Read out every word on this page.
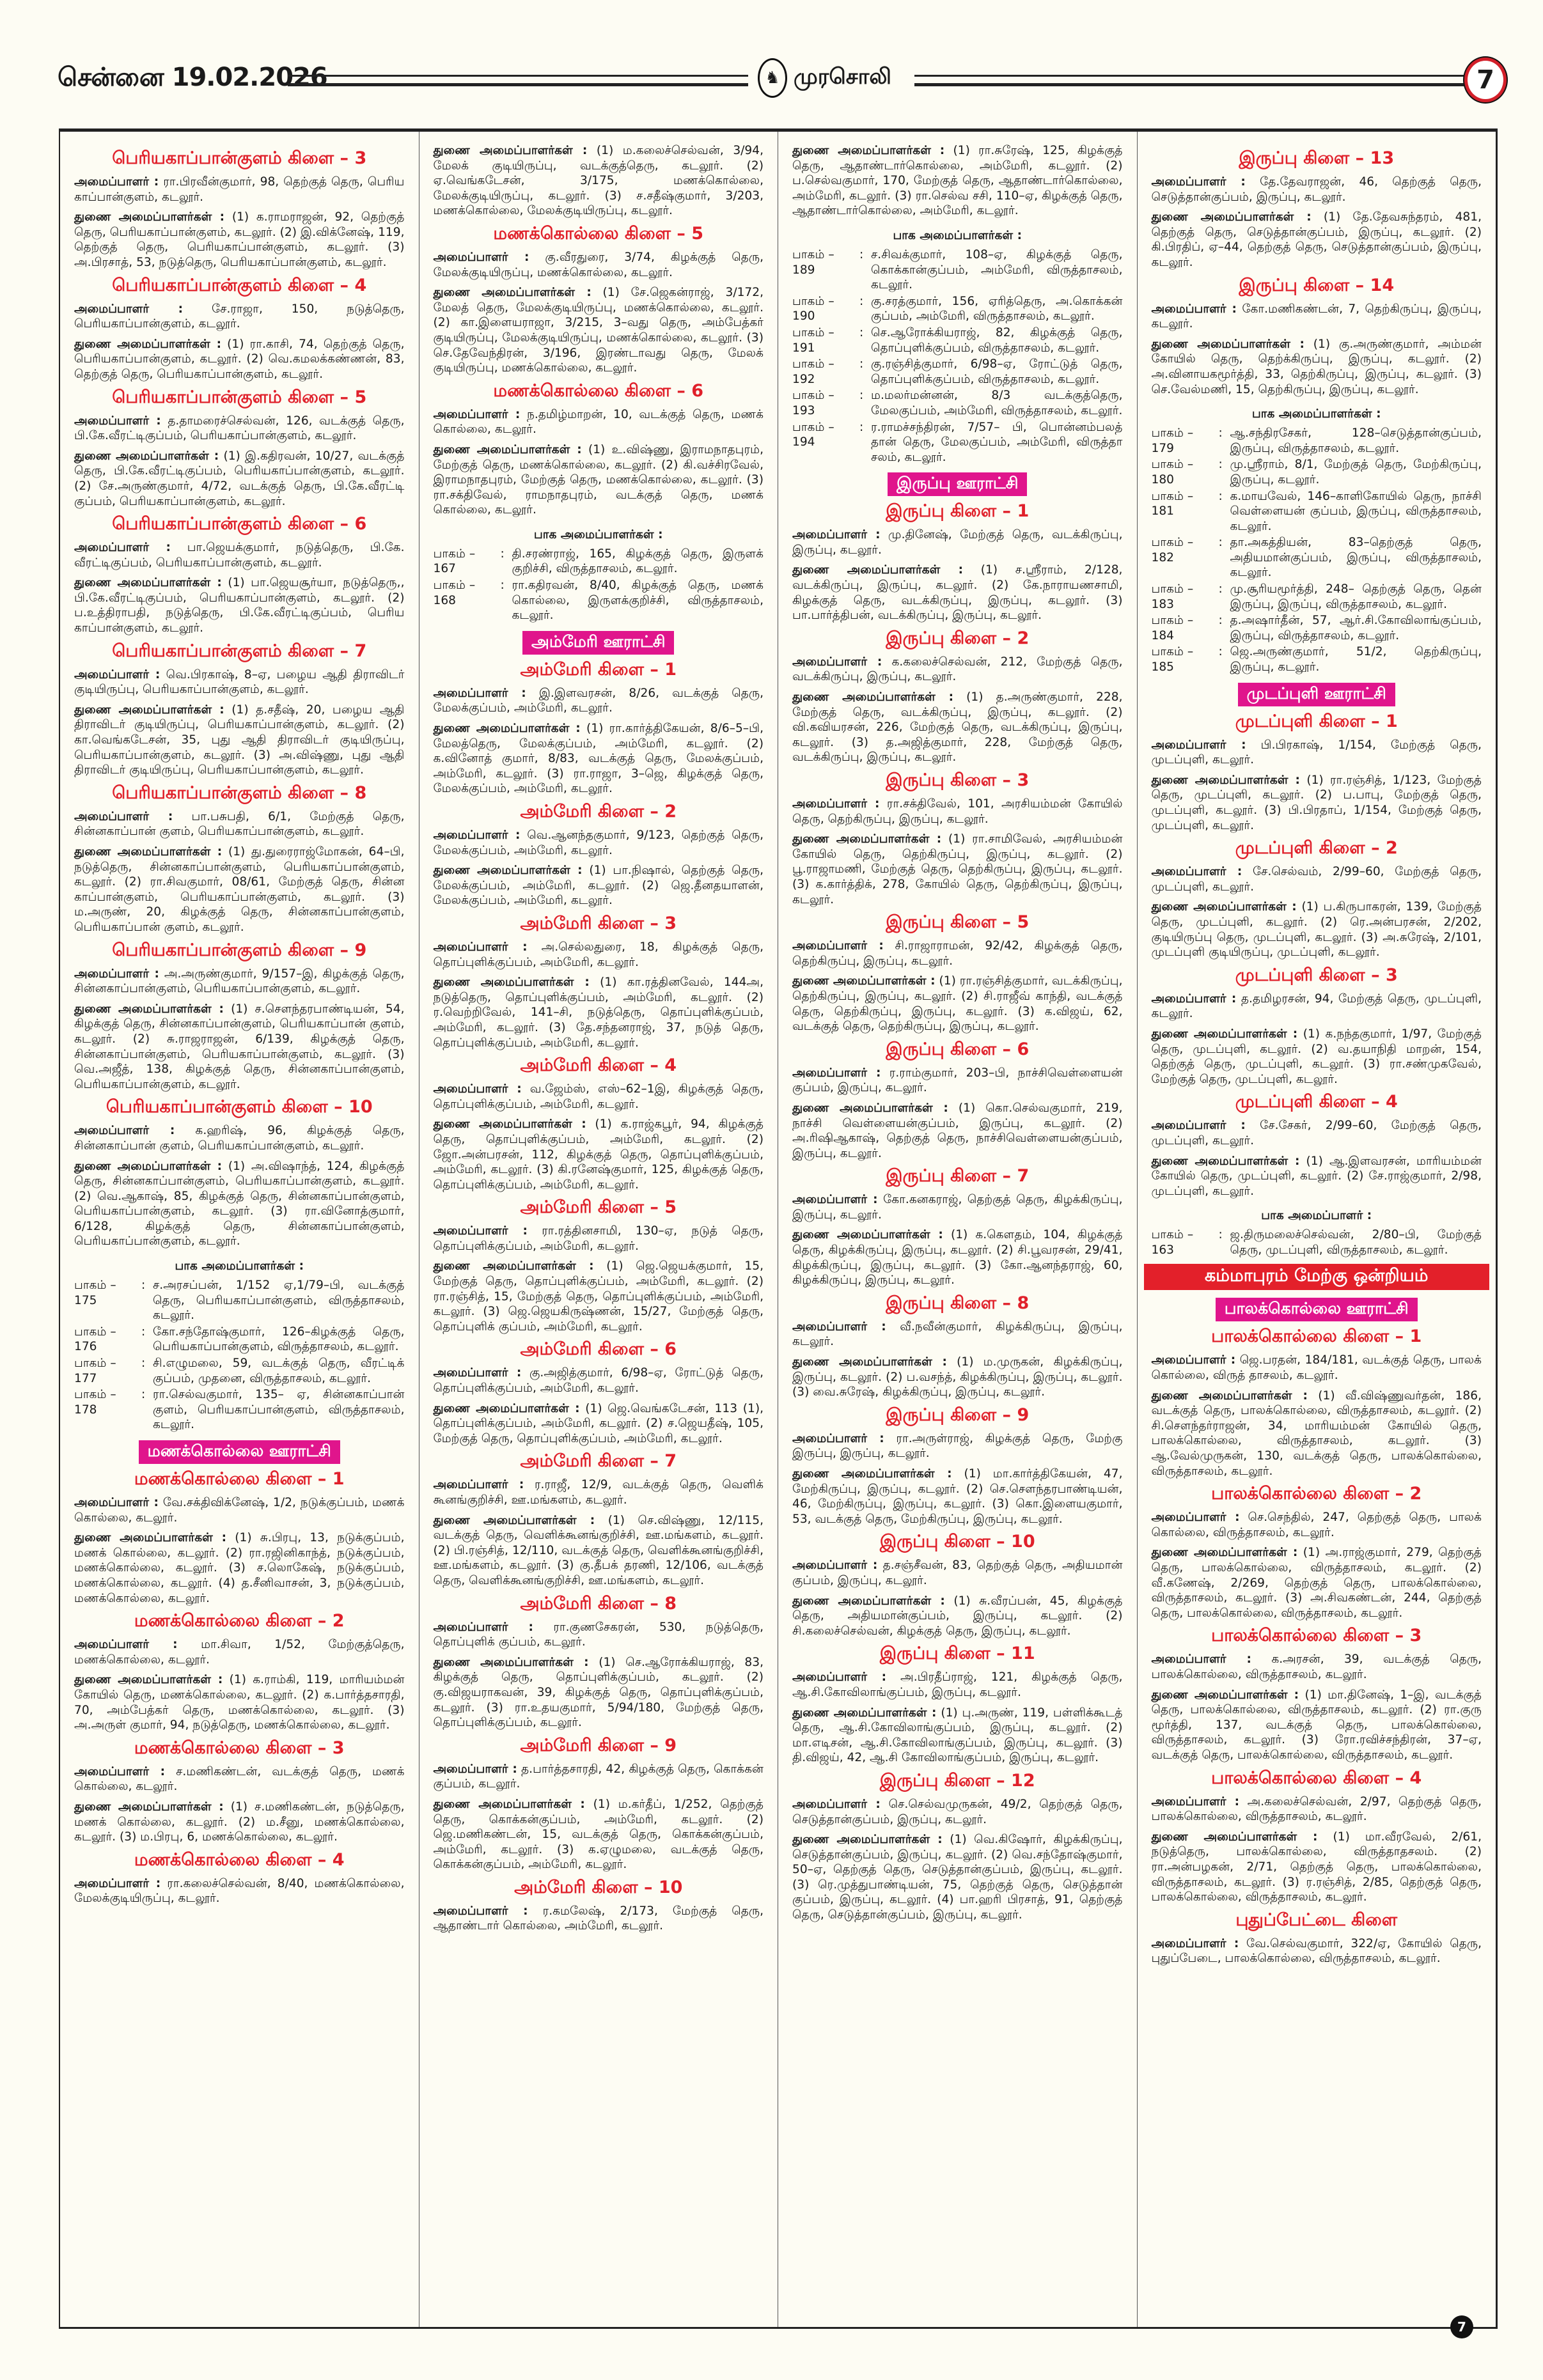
சென்னை 19.02.2026	♞ முரசொலி	7
பெரியகாப்பான்குளம் கிளை – 3

அமைப்பாளர் : ரா.பிரவீன்குமார், 98, தெற்குத் தெரு, பெரிய காப்பான்குளம், கடலூர்.

துணை அமைப்பாளர்கள் : (1) க.ராமராஜன், 92, தெற்குத் தெரு, பெரியகாப்பான்குளம், கடலூர். (2) இ.விக்னேஷ், 119, தெற்குத் தெரு, பெரியகாப்பான்குளம், கடலூர். (3) அ.பிரசாத், 53, நடுத்தெரு, பெரியகாப்பான்குளம், கடலூர்.

பெரியகாப்பான்குளம் கிளை – 4

அமைப்பாளர் : சே.ராஜா, 150, நடுத்தெரு, பெரியகாப்பான்குளம், கடலூர்.

துணை அமைப்பாளர்கள் : (1) ரா.காசி, 74, தெற்குத் தெரு, பெரியகாப்பான்குளம், கடலூர். (2) வெ.கமலக்கண்ணன், 83, தெற்குத் தெரு, பெரியகாப்பான்குளம், கடலூர்.

பெரியகாப்பான்குளம் கிளை – 5

அமைப்பாளர் : த.தாமரைச்செல்வன், 126, வடக்குத் தெரு, பி.கே.வீரட்டிகுப்பம், பெரியகாப்பான்குளம், கடலூர்.

துணை அமைப்பாளர்கள் : (1) இ.கதிரவன், 10/27, வடக்குத் தெரு, பி.கே.வீரட்டிகுப்பம், பெரியகாப்பான்குளம், கடலூர். (2) சே.அருண்குமார், 4/72, வடக்குத் தெரு, பி.கே.வீரட்டி குப்பம், பெரியகாப்பான்குளம், கடலூர்.

பெரியகாப்பான்குளம் கிளை – 6

அமைப்பாளர் : பா.ஜெயக்குமார், நடுத்தெரு, பி.கே. வீரட்டிகுப்பம், பெரியகாப்பான்குளம், கடலூர்.

துணை அமைப்பாளர்கள் : (1) பா.ஜெயசூர்யா, நடுத்தெரு,, பி.கே.வீரட்டிகுப்பம், பெரியகாப்பான்குளம், கடலூர். (2) ப.உத்திராபதி, நடுத்தெரு, பி.கே.வீரட்டிகுப்பம், பெரிய காப்பான்குளம், கடலூர்.

பெரியகாப்பான்குளம் கிளை – 7

அமைப்பாளர் : வெ.பிரகாஷ், 8–ஏ, பழைய ஆதி திராவிடர் குடியிருப்பு, பெரியகாப்பான்குளம், கடலூர்.

துணை அமைப்பாளர்கள் : (1) த.சதீஷ், 20, பழைய ஆதி திராவிடர் குடியிருப்பு, பெரியகாப்பான்குளம், கடலூர். (2) கா.வெங்கடேசன், 35, புது ஆதி திராவிடர் குடியிருப்பு, பெரியகாப்பான்குளம், கடலூர். (3) அ.விஷ்ணு, புது ஆதி திராவிடர் குடியிருப்பு, பெரியகாப்பான்குளம், கடலூர்.

பெரியகாப்பான்குளம் கிளை – 8

அமைப்பாளர் : பா.பசுபதி, 6/1, மேற்குத் தெரு, சின்னகாப்பான் குளம், பெரியகாப்பான்குளம், கடலூர்.

துணை அமைப்பாளர்கள் : (1) து.துரைராஜ்மோகன், 64–பி, நடுத்தெரு, சின்னகாப்பான்குளம், பெரியகாப்பான்குளம், கடலூர். (2) ரா.சிவகுமார், 08/61, மேற்குத் தெரு, சின்ன காப்பான்குளம், பெரியகாப்பான்குளம், கடலூர். (3) ம.அருண், 20, கிழக்குத் தெரு, சின்னகாப்பான்குளம், பெரியகாப்பான் குளம், கடலூர்.

பெரியகாப்பான்குளம் கிளை – 9

அமைப்பாளர் : அ.அருண்குமார், 9/157–இ, கிழக்குத் தெரு, சின்னகாப்பான்குளம், பெரியகாப்பான்குளம், கடலூர்.

துணை அமைப்பாளர்கள் : (1) ச.சௌந்தரபாண்டியன், 54, கிழக்குத் தெரு, சின்னகாப்பான்குளம், பெரியகாப்பான் குளம், கடலூர். (2) சு.ராஜராஜன், 6/139, கிழக்குத் தெரு, சின்னகாப்பான்குளம், பெரியகாப்பான்குளம், கடலூர். (3) வெ.அஜீத், 138, கிழக்குத் தெரு, சின்னகாப்பான்குளம், பெரியகாப்பான்குளம், கடலூர்.

பெரியகாப்பான்குளம் கிளை – 10

அமைப்பாளர் : க.ஹரிஷ், 96, கிழக்குத் தெரு, சின்னகாப்பான் குளம், பெரியகாப்பான்குளம், கடலூர்.

துணை அமைப்பாளர்கள் : (1) அ.விஷாந்த், 124, கிழக்குத் தெரு, சின்னகாப்பான்குளம், பெரியகாப்பான்குளம், கடலூர். (2) வெ.ஆகாஷ், 85, கிழக்குத் தெரு, சின்னகாப்பான்குளம், பெரியகாப்பான்குளம், கடலூர். (3) ரா.வினோத்குமார், 6/128, கிழக்குத் தெரு, சின்னகாப்பான்குளம், பெரியகாப்பான்குளம், கடலூர்.

பாக அமைப்பாளர்கள் :
பாகம் – 175
: ச.அரசப்பன், 1/152 ஏ,1/79–பி, வடக்குத் தெரு, பெரியகாப்பான்குளம், விருத்தாசலம், கடலூர்.
பாகம் – 176
: கோ.சந்தோஷ்குமார், 126–கிழக்குத் தெரு, பெரியகாப்பான்குளம், விருத்தாசலம், கடலூர்.
பாகம் – 177
: சி.எழுமலை, 59, வடக்குத் தெரு, வீரட்டிக் குப்பம், முதனை, விருத்தாசலம், கடலூர்.
பாகம் – 178
: ரா.செல்வகுமார், 135– ஏ, சின்னகாப்பான் குளம், பெரியகாப்பான்குளம், விருத்தாசலம், கடலூர்.
மணக்கொல்லை ஊராட்சி
மணக்கொல்லை கிளை – 1

அமைப்பாளர் : வே.சக்திவிக்னேஷ், 1/2, நடுக்குப்பம், மணக் கொல்லை, கடலூர்.

துணை அமைப்பாளர்கள் : (1) சு.பிரபு, 13, நடுக்குப்பம், மணக் கொல்லை, கடலூர். (2) ரா.ரஜினிகாந்த், நடுக்குப்பம், மணக்கொல்லை, கடலூர். (3) ச.லொகேஷ், நடுக்குப்பம், மணக்கொல்லை, கடலூர். (4) த.சீனிவாசன், 3, நடுக்குப்பம், மணக்கொல்லை, கடலூர்.

மணக்கொல்லை கிளை – 2

அமைப்பாளர் : மா.சிவா, 1/52, மேற்குத்தெரு, மணக்கொல்லை, கடலூர்.

துணை அமைப்பாளர்கள் : (1) க.ராம்கி, 119, மாரியம்மன் கோயில் தெரு, மணக்கொல்லை, கடலூர். (2) க.பார்த்தசாரதி, 70, அம்பேத்கர் தெரு, மணக்கொல்லை, கடலூர். (3) அ.அருள் குமார், 94, நடுத்தெரு, மணக்கொல்லை, கடலூர்.

மணக்கொல்லை கிளை – 3

அமைப்பாளர் : ச.மணிகண்டன், வடக்குத் தெரு, மணக் கொல்லை, கடலூர்.

துணை அமைப்பாளர்கள் : (1) ச.மணிகண்டன், நடுத்தெரு, மணக் கொல்லை, கடலூர். (2) ம.சீனு, மணக்கொல்லை, கடலூர். (3) ம.பிரபு, 6, மணக்கொல்லை, கடலூர்.

மணக்கொல்லை கிளை – 4

அமைப்பாளர் : ரா.கலைச்செல்வன், 8/40, மணக்கொல்லை, மேலக்குடியிருப்பு, கடலூர்.

துணை அமைப்பாளர்கள் : (1) ம.கலைச்செல்வன், 3/94, மேலக் குடியிருப்பு, வடக்குத்தெரு, கடலூர். (2) ஏ.வெங்கடேசன், 3/175, மணக்கொல்லை, மேலக்குடியிருப்பு, கடலூர். (3) ச.சதீஷ்குமார், 3/203, மணக்கொல்லை, மேலக்குடியிருப்பு, கடலூர்.

மணக்கொல்லை கிளை – 5

அமைப்பாளர் : கு.வீரதுரை, 3/74, கிழக்குத் தெரு, மேலக்குடியிருப்பு, மணக்கொல்லை, கடலூர்.

துணை அமைப்பாளர்கள் : (1) சே.ஜெகன்ராஜ், 3/172, மேலத் தெரு, மேலக்குடியிருப்பு, மணக்கொல்லை, கடலூர். (2) கா.இளையராஜா, 3/215, 3–வது தெரு, அம்பேத்கர் குடியிருப்பு, மேலக்குடியிருப்பு, மணக்கொல்லை, கடலூர். (3) செ.தேவேந்திரன், 3/196, இரண்டாவது தெரு, மேலக் குடியிருப்பு, மணக்கொல்லை, கடலூர்.

மணக்கொல்லை கிளை – 6

அமைப்பாளர் : ந.தமிழ்மாறன், 10, வடக்குத் தெரு, மணக் கொல்லை, கடலூர்.

துணை அமைப்பாளர்கள் : (1) உ.விஷ்ணு, இராமநாதபுரம், மேற்குத் தெரு, மணக்கொல்லை, கடலூர். (2) கி.வச்சிரவேல், இராமநாதபுரம், மேற்குத் தெரு, மணக்கொல்லை, கடலூர். (3) ரா.சக்திவேல், ராமநாதபுரம், வடக்குத் தெரு, மணக் கொல்லை, கடலூர்.

பாக அமைப்பாளர்கள் :
பாகம் – 167
: தி.சரண்ராஜ், 165, கிழக்குத் தெரு, இருளக் குறிச்சி, விருத்தாசலம், கடலூர்.
பாகம் – 168
: ரா.கதிரவன், 8/40, கிழக்குத் தெரு, மணக் கொல்லை, இருளக்குறிச்சி, விருத்தாசலம், கடலூர்.
அம்மேரி ஊராட்சி
அம்மேரி கிளை – 1

அமைப்பாளர் : இ.இளவரசன், 8/26, வடக்குத் தெரு, மேலக்குப்பம், அம்மேரி, கடலூர்.

துணை அமைப்பாளர்கள் : (1) ரா.கார்த்திகேயன், 8/6–5–பி, மேலத்தெரு, மேலக்குப்பம், அம்மேரி, கடலூர். (2) க.வினோத் குமார், 8/83, வடக்குத் தெரு, மேலக்குப்பம், அம்மேரி, கடலூர். (3) ரா.ராஜா, 3–ஜெ, கிழக்குத் தெரு, மேலக்குப்பம், அம்மேரி, கடலூர்.

அம்மேரி கிளை – 2

அமைப்பாளர் : வெ.ஆனந்தகுமார், 9/123, தெற்குத் தெரு, மேலக்குப்பம், அம்மேரி, கடலூர்.

துணை அமைப்பாளர்கள் : (1) பா.நிஷால், தெற்குத் தெரு, மேலக்குப்பம், அம்மேரி, கடலூர். (2) ஜெ.தீனதயாளன், மேலக்குப்பம், அம்மேரி, கடலூர்.

அம்மேரி கிளை – 3

அமைப்பாளர் : அ.செல்லதுரை, 18, கிழக்குத் தெரு, தொப்புளிக்குப்பம், அம்மேரி, கடலூர்.

துணை அமைப்பாளர்கள் : (1) கா.ரத்தினவேல், 144அ, நடுத்தெரு, தொப்புளிக்குப்பம், அம்மேரி, கடலூர். (2) ர.வெற்றிவேல், 141–சி, நடுத்தெரு, தொப்புளிக்குப்பம், அம்மேரி, கடலூர். (3) தே.சந்தனராஜ், 37, நடுத் தெரு, தொப்புளிக்குப்பம், அம்மேரி, கடலூர்.

அம்மேரி கிளை – 4

அமைப்பாளர் : வ.ஜேம்ஸ், எஸ்–62–1இ, கிழக்குத் தெரு, தொப்புளிக்குப்பம், அம்மேரி, கடலூர்.

துணை அமைப்பாளர்கள் : (1) க.ராஜ்கபூர், 94, கிழக்குத் தெரு, தொப்புளிக்குப்பம், அம்மேரி, கடலூர். (2) ஜோ.அன்பரசன், 112, கிழக்குத் தெரு, தொப்புளிக்குப்பம், அம்மேரி, கடலூர். (3) கி.ரனேஷ்குமார், 125, கிழக்குத் தெரு, தொப்புளிக்குப்பம், அம்மேரி, கடலூர்.

அம்மேரி கிளை – 5

அமைப்பாளர் : ரா.ரத்தினசாமி, 130–ஏ, நடுத் தெரு, தொப்புளிக்குப்பம், அம்மேரி, கடலூர்.

துணை அமைப்பாளர்கள் : (1) ஜெ.ஜெயக்குமார், 15, மேற்குத் தெரு, தொப்புளிக்குப்பம், அம்மேரி, கடலூர். (2) ரா.ரஞ்சித், 15, மேற்குத் தெரு, தொப்புளிக்குப்பம், அம்மேரி, கடலூர். (3) ஜெ.ஜெயகிருஷ்ணன், 15/27, மேற்குத் தெரு, தொப்புளிக் குப்பம், அம்மேரி, கடலூர்.

அம்மேரி கிளை – 6

அமைப்பாளர் : கு.அஜித்குமார், 6/98–ஏ, ரோட்டுத் தெரு, தொப்புளிக்குப்பம், அம்மேரி, கடலூர்.

துணை அமைப்பாளர்கள் : (1) ஜெ.வெங்கடேசன், 113 (1), தொப்புளிக்குப்பம், அம்மேரி, கடலூர். (2) ச.ஜெயதீஷ், 105, மேற்குத் தெரு, தொப்புளிக்குப்பம், அம்மேரி, கடலூர்.

அம்மேரி கிளை – 7

அமைப்பாளர் : ர.ராஜீ, 12/9, வடக்குத் தெரு, வெளிக் கூனங்குறிச்சி, ஊ.மங்களம், கடலூர்.

துணை அமைப்பாளர்கள் : (1) செ.விஷ்ணு, 12/115, வடக்குத் தெரு, வெளிக்கூனங்குறிச்சி, ஊ.மங்களம், கடலூர். (2) பி.ரஞ்சித், 12/110, வடக்குத் தெரு, வெளிக்கூனங்குறிச்சி, ஊ.மங்களம், கடலூர். (3) கு.தீபக் தரணி, 12/106, வடக்குத் தெரு, வெளிக்கூனங்குறிச்சி, ஊ.மங்களம், கடலூர்.

அம்மேரி கிளை – 8

அமைப்பாளர் : ரா.குணசேகரன், 530, நடுத்தெரு, தொப்புளிக் குப்பம், கடலூர்.

துணை அமைப்பாளர்கள் : (1) செ.ஆரோக்கியராஜ், 83, கிழக்குத் தெரு, தொப்புளிக்குப்பம், கடலூர். (2) கு.விஜயராகவன், 39, கிழக்குத் தெரு, தொப்புளிக்குப்பம், கடலூர். (3) ரா.உதயகுமார், 5/94/180, மேற்குத் தெரு, தொப்புளிக்குப்பம், கடலூர்.

அம்மேரி கிளை – 9

அமைப்பாளர் : த.பார்த்தசாரதி, 42, கிழக்குத் தெரு, கொக்கன் குப்பம், கடலூர்.

துணை அமைப்பாளர்கள் : (1) ம.கர்தீப், 1/252, தெற்குத் தெரு, கொக்கன்குப்பம், அம்மேரி, கடலூர். (2) ஜெ.மணிகண்டன், 15, வடக்குத் தெரு, கொக்கன்குப்பம், அம்மேரி, கடலூர். (3) க.ஏழுமலை, வடக்குத் தெரு, கொக்கன்குப்பம், அம்மேரி, கடலூர்.

அம்மேரி கிளை – 10

அமைப்பாளர் : ர.கமலேஷ், 2/173, மேற்குத் தெரு, ஆதாண்டார் கொல்லை, அம்மேரி, கடலூர்.

துணை அமைப்பாளர்கள் : (1) ரா.சுரேஷ், 125, கிழக்குத் தெரு, ஆதாண்டார்கொல்லை, அம்மேரி, கடலூர். (2) ப.செல்வகுமார், 170, மேற்குத் தெரு, ஆதாண்டார்கொல்லை, அம்மேரி, கடலூர். (3) ரா.செல்வ சசி, 110–ஏ, கிழக்குத் தெரு, ஆதாண்டார்கொல்லை, அம்மேரி, கடலூர்.

பாக அமைப்பாளர்கள் :
பாகம் – 189
: ச.சிவக்குமார், 108–ஏ, கிழக்குத் தெரு, கொக்கான்குப்பம், அம்மேரி, விருத்தாசலம், கடலூர்.
பாகம் – 190
: கு.சரத்குமார், 156, ஏரித்தெரு, அ.கொக்கன் குப்பம், அம்மேரி, விருத்தாசலம், கடலூர்.
பாகம் – 191
: செ.ஆரோக்கியராஜ், 82, கிழக்குத் தெரு, தொப்புளிக்குப்பம், விருத்தாசலம், கடலூர்.
பாகம் – 192
: கு.ரஞ்சித்குமார், 6/98–ஏ, ரோட்டுத் தெரு, தொப்புளிக்குப்பம், விருத்தாசலம், கடலூர்.
பாகம் – 193
: ம.மலர்மன்னன், 8/3 வடக்குத்தெரு, மேலகுப்பம், அம்மேரி, விருத்தாசலம், கடலூர்.
பாகம் – 194
: ர.ராமச்சந்திரன், 7/57– பி, பொன்னம்பலத் தான் தெரு, மேலகுப்பம், அம்மேரி, விருத்தா சலம், கடலூர்.
இருப்பு ஊராட்சி
இருப்பு கிளை – 1

அமைப்பாளர் : மு.தினேஷ், மேற்குத் தெரு, வடக்கிருப்பு, இருப்பு, கடலூர்.

துணை அமைப்பாளர்கள் : (1) ச.ஸ்ரீராம், 2/128, வடக்கிருப்பு, இருப்பு, கடலூர். (2) கே.நாராயணசாமி, கிழக்குத் தெரு, வடக்கிருப்பு, இருப்பு, கடலூர். (3) பா.பார்த்திபன், வடக்கிருப்பு, இருப்பு, கடலூர்.

இருப்பு கிளை – 2

அமைப்பாளர் : க.கலைச்செல்வன், 212, மேற்குத் தெரு, வடக்கிருப்பு, இருப்பு, கடலூர்.

துணை அமைப்பாளர்கள் : (1) த.அருண்குமார், 228, மேற்குத் தெரு, வடக்கிருப்பு, இருப்பு, கடலூர். (2) வி.கவியரசன், 226, மேற்குத் தெரு, வடக்கிருப்பு, இருப்பு, கடலூர். (3) த.அஜித்குமார், 228, மேற்குத் தெரு, வடக்கிருப்பு, இருப்பு, கடலூர்.

இருப்பு கிளை – 3

அமைப்பாளர் : ரா.சக்திவேல், 101, அரசியம்மன் கோயில் தெரு, தெற்கிருப்பு, இருப்பு, கடலூர்.

துணை அமைப்பாளர்கள் : (1) ரா.சாமிவேல், அரசியம்மன் கோயில் தெரு, தெற்கிருப்பு, இருப்பு, கடலூர். (2) பூ.ராஜாமணி, மேற்குத் தெரு, தெற்கிருப்பு, இருப்பு, கடலூர். (3) க.கார்த்திக், 278, கோயில் தெரு, தெற்கிருப்பு, இருப்பு, கடலூர்.

இருப்பு கிளை – 5

அமைப்பாளர் : சி.ராஜாராமன், 92/42, கிழக்குத் தெரு, தெற்கிருப்பு, இருப்பு, கடலூர்.

துணை அமைப்பாளர்கள் : (1) ரா.ரஞ்சித்குமார், வடக்கிருப்பு, தெற்கிருப்பு, இருப்பு, கடலூர். (2) சி.ராஜீவ் காந்தி, வடக்குத் தெரு, தெற்கிருப்பு, இருப்பு, கடலூர். (3) க.விஜய், 62, வடக்குத் தெரு, தெற்கிருப்பு, இருப்பு, கடலூர்.

இருப்பு கிளை – 6

அமைப்பாளர் : ர.ராம்குமார், 203–பி, நாச்சிவெள்ளையன் குப்பம், இருப்பு, கடலூர்.

துணை அமைப்பாளர்கள் : (1) கொ.செல்வகுமார், 219, நாச்சி வெள்ளையன்குப்பம், இருப்பு, கடலூர். (2) அ.ரிஷிஆகாஷ், தெற்குத் தெரு, நாச்சிவெள்ளையன்குப்பம், இருப்பு, கடலூர்.

இருப்பு கிளை – 7

அமைப்பாளர் : கோ.கனகராஜ், தெற்குத் தெரு, கிழக்கிருப்பு, இருப்பு, கடலூர்.

துணை அமைப்பாளர்கள் : (1) க.கௌதம், 104, கிழக்குத் தெரு, கிழக்கிருப்பு, இருப்பு, கடலூர். (2) சி.பூவரசன், 29/41, கிழக்கிருப்பு, இருப்பு, கடலூர். (3) கோ.ஆனந்தராஜ், 60, கிழக்கிருப்பு, இருப்பு, கடலூர்.

இருப்பு கிளை – 8

அமைப்பாளர் : வீ.நவீன்குமார், கிழக்கிருப்பு, இருப்பு, கடலூர்.

துணை அமைப்பாளர்கள் : (1) ம.முருகன், கிழக்கிருப்பு, இருப்பு, கடலூர். (2) ப.வசந்த், கிழக்கிருப்பு, இருப்பு, கடலூர். (3) வை.சுரேஷ், கிழக்கிருப்பு, இருப்பு, கடலூர்.

இருப்பு கிளை – 9

அமைப்பாளர் : ரா.அருள்ராஜ், கிழக்குத் தெரு, மேற்கு இருப்பு, இருப்பு, கடலூர்.

துணை அமைப்பாளர்கள் : (1) மா.கார்த்திகேயன், 47, மேற்கிருப்பு, இருப்பு, கடலூர். (2) செ.சௌந்தரபாண்டியன், 46, மேற்கிருப்பு, இருப்பு, கடலூர். (3) கொ.இளையகுமார், 53, வடக்குத் தெரு, மேற்கிருப்பு, இருப்பு, கடலூர்.

இருப்பு கிளை – 10

அமைப்பாளர் : த.சஞ்சீவன், 83, தெற்குத் தெரு, அதியமான் குப்பம், இருப்பு, கடலூர்.

துணை அமைப்பாளர்கள் : (1) சு.வீரப்பன், 45, கிழக்குத் தெரு, அதியமான்குப்பம், இருப்பு, கடலூர். (2) சி.கலைச்செல்வன், கிழக்குத் தெரு, இருப்பு, கடலூர்.

இருப்பு கிளை – 11

அமைப்பாளர் : அ.பிரதீப்ராஜ், 121, கிழக்குத் தெரு, ஆ.சி.கோவிலாங்குப்பம், இருப்பு, கடலூர்.

துணை அமைப்பாளர்கள் : (1) பு.அருண், 119, பள்ளிக்கூடத் தெரு, ஆ.சி.கோவிலாங்குப்பம், இருப்பு, கடலூர். (2) மா.எடிசன், ஆ.சி.கோவிலாங்குப்பம், இருப்பு, கடலூர். (3) தி.விஜய், 42, ஆ.சி கோவிலாங்குப்பம், இருப்பு, கடலூர்.

இருப்பு கிளை – 12

அமைப்பாளர் : செ.செல்வமுருகன், 49/2, தெற்குத் தெரு, செடுத்தான்குப்பம், இருப்பு, கடலூர்.

துணை அமைப்பாளர்கள் : (1) வெ.கிஷோர், கிழக்கிருப்பு, செடுத்தான்குப்பம், இருப்பு, கடலூர். (2) வெ.சந்தோஷ்குமார், 50–ஏ, தெற்குத் தெரு, செடுத்தான்குப்பம், இருப்பு, கடலூர். (3) ரெ.முத்துபாண்டியன், 75, தெற்குத் தெரு, செடுத்தான் குப்பம், இருப்பு, கடலூர். (4) பா.ஹரி பிரசாத், 91, தெற்குத் தெரு, செடுத்தான்குப்பம், இருப்பு, கடலூர்.

இருப்பு கிளை – 13

அமைப்பாளர் : தே.தேவராஜன், 46, தெற்குத் தெரு, செடுத்தான்குப்பம், இருப்பு, கடலூர்.

துணை அமைப்பாளர்கள் : (1) தே.தேவசுந்தரம், 481, தெற்குத் தெரு, செடுத்தான்குப்பம், இருப்பு, கடலூர். (2) கி.பிரதிப், ஏ–44, தெற்குத் தெரு, செடுத்தான்குப்பம், இருப்பு, கடலூர்.

இருப்பு கிளை – 14

அமைப்பாளர் : கோ.மணிகண்டன், 7, தெற்கிருப்பு, இருப்பு, கடலூர்.

துணை அமைப்பாளர்கள் : (1) கு.அருண்குமார், அம்மன் கோயில் தெரு, தெற்க்கிருப்பு, இருப்பு, கடலூர். (2) அ.வினாயகமூர்த்தி, 33, தெற்கிருப்பு, இருப்பு, கடலூர். (3) செ.வேல்மணி, 15, தெற்கிருப்பு, இருப்பு, கடலூர்.

பாக அமைப்பாளர்கள் :
பாகம் – 179
: ஆ.சந்திரசேகர், 128–செடுத்தான்குப்பம், இருப்பு, விருத்தாசலம், கடலூர்.
பாகம் – 180
: மு.ஸ்ரீராம், 8/1, மேற்குத் தெரு, மேற்கிருப்பு, இருப்பு, கடலூர்.
பாகம் – 181
: க.மாயவேல், 146–காளிகோயில் தெரு, நாச்சி வெள்ளையன் குப்பம், இருப்பு, விருத்தாசலம், கடலூர்.
பாகம் – 182
: தா.அகத்தியன், 83–தெற்குத் தெரு, அதியமான்குப்பம், இருப்பு, விருத்தாசலம், கடலூர்.
பாகம் – 183
: மு.சூரியமூர்த்தி, 248– தெற்குத் தெரு, தென் இருப்பு, இருப்பு, விருத்தாசலம், கடலூர்.
பாகம் – 184
: த.அஷார்தீன், 57, ஆர்.சி.கோவிலாங்குப்பம், இருப்பு, விருத்தாசலம், கடலூர்.
பாகம் – 185
: ஜெ.அருண்குமார், 51/2, தெற்கிருப்பு, இருப்பு, கடலூர்.
முடப்புளி ஊராட்சி
முடப்புளி கிளை – 1

அமைப்பாளர் : பி.பிரகாஷ், 1/154, மேற்குத் தெரு, முடப்புளி, கடலூர்.

துணை அமைப்பாளர்கள் : (1) ரா.ரஞ்சித், 1/123, மேற்குத் தெரு, முடப்புளி, கடலூர். (2) ப.பாபு, மேற்குத் தெரு, முடப்புளி, கடலூர். (3) பி.பிரதாப், 1/154, மேற்குத் தெரு, முடப்புளி, கடலூர்.

முடப்புளி கிளை – 2

அமைப்பாளர் : சே.செல்வம், 2/99–60, மேற்குத் தெரு, முடப்புளி, கடலூர்.

துணை அமைப்பாளர்கள் : (1) ப.கிருபாகரன், 139, மேற்குத் தெரு, முடப்புளி, கடலூர். (2) ரெ.அன்பரசன், 2/202, குடியிருப்பு தெரு, முடப்புளி, கடலூர். (3) அ.சுரேஷ், 2/101, முடப்புளி குடியிருப்பு, முடப்புளி, கடலூர்.

முடப்புளி கிளை – 3

அமைப்பாளர் : த.தமிழரசன், 94, மேற்குத் தெரு, முடப்புளி, கடலூர்.

துணை அமைப்பாளர்கள் : (1) க.நந்தகுமார், 1/97, மேற்குத் தெரு, முடப்புளி, கடலூர். (2) வ.தயாநிதி மாறன், 154, தெற்குத் தெரு, முடப்புளி, கடலூர். (3) ரா.சண்முகவேல், மேற்குத் தெரு, முடப்புளி, கடலூர்.

முடப்புளி கிளை – 4

அமைப்பாளர் : சே.சேகர், 2/99–60, மேற்குத் தெரு, முடப்புளி, கடலூர்.

துணை அமைப்பாளர்கள் : (1) ஆ.இளவரசன், மாரியம்மன் கோயில் தெரு, முடப்புளி, கடலூர். (2) சே.ராஜ்குமார், 2/98, முடப்புளி, கடலூர்.

பாக அமைப்பாளர் :
பாகம் – 163
: ஜ.திருமலைச்செல்வன், 2/80–பி, மேற்குத் தெரு, முடப்புளி, விருத்தாசலம், கடலூர்.
கம்மாபுரம் மேற்கு ஒன்றியம்
பாலக்கொல்லை ஊராட்சி
பாலக்கொல்லை கிளை – 1

அமைப்பாளர் : ஜெ.பரதன், 184/181, வடக்குத் தெரு, பாலக் கொல்லை, விருத் தாசலம், கடலூர்.

துணை அமைப்பாளர்கள் : (1) வீ.விஷ்ணுவர்தன், 186, வடக்குத் தெரு, பாலக்கொல்லை, விருத்தாசலம், கடலூர். (2) சி.சௌந்தர்ராஜன், 34, மாரியம்மன் கோயில் தெரு, பாலக்கொல்லை, விருத்தாசலம், கடலூர். (3) ஆ.வேல்முருகன், 130, வடக்குத் தெரு, பாலக்கொல்லை, விருத்தாசலம், கடலூர்.

பாலக்கொல்லை கிளை – 2

அமைப்பாளர் : செ.செந்தில், 247, தெற்குத் தெரு, பாலக் கொல்லை, விருத்தாசலம், கடலூர்.

துணை அமைப்பாளர்கள் : (1) அ.ராஜ்குமார், 279, தெற்குத் தெரு, பாலக்கொல்லை, விருத்தாசலம், கடலூர். (2) வீ.கணேஷ், 2/269, தெற்குத் தெரு, பாலக்கொல்லை, விருத்தாசலம், கடலூர். (3) அ.சிவகண்டன், 244, தெற்குத் தெரு, பாலக்கொல்லை, விருத்தாசலம், கடலூர்.

பாலக்கொல்லை கிளை – 3

அமைப்பாளர் : க.அரசன், 39, வடக்குத் தெரு, பாலக்கொல்லை, விருத்தாசலம், கடலூர்.

துணை அமைப்பாளர்கள் : (1) மா.தினேஷ், 1–இ, வடக்குத் தெரு, பாலக்கொல்லை, விருத்தாசலம், கடலூர். (2) ரா.குரு மூர்த்தி, 137, வடக்குத் தெரு, பாலக்கொல்லை, விருத்தாசலம், கடலூர். (3) ரோ.ரவிச்சந்திரன், 37–ஏ, வடக்குத் தெரு, பாலக்கொல்லை, விருத்தாசலம், கடலூர்.

பாலக்கொல்லை கிளை – 4

அமைப்பாளர் : அ.கலைச்செல்வன், 2/97, தெற்குத் தெரு, பாலக்கொல்லை, விருத்தாசலம், கடலூர்.

துணை அமைப்பாளர்கள் : (1) மா.வீரவேல், 2/61, நடுத்தெரு, பாலக்கொல்லை, விருத்தாதசலம். (2) ரா.அன்பழகன், 2/71, தெற்குத் தெரு, பாலக்கொல்லை, விருத்தாசலம், கடலூர். (3) ர.ரஞ்சித், 2/85, தெற்குத் தெரு, பாலக்கொல்லை, விருத்தாசலம், கடலூர்.

புதுப்பேட்டை கிளை

அமைப்பாளர் : வே.செல்வகுமார், 322/ஏ, கோயில் தெரு, புதுப்பேடை, பாலக்கொல்லை, விருத்தாசலம், கடலூர்.

7
